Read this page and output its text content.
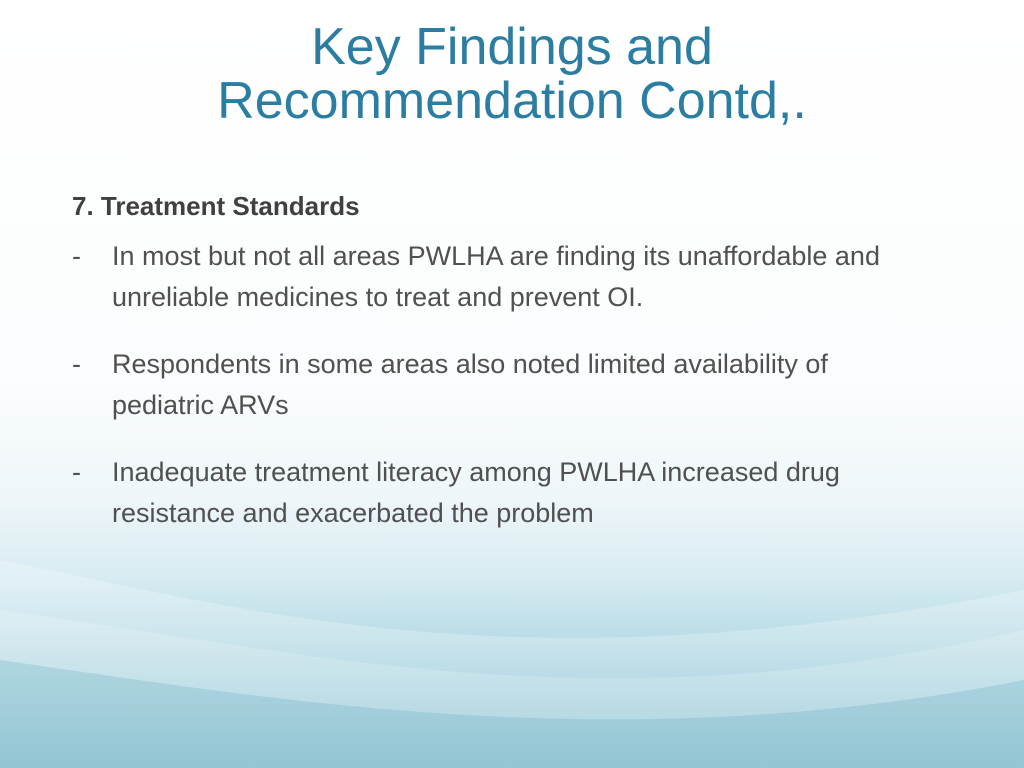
Key Findings and
Recommendation Contd,.

7. Treatment Standards

-	In most but not all areas PWLHA are finding its unaffordable and unreliable medicines to treat and prevent OI.

-	Respondents in some areas also noted limited availability of pediatric ARVs

-	Inadequate treatment literacy among PWLHA increased drug resistance and exacerbated the problem
